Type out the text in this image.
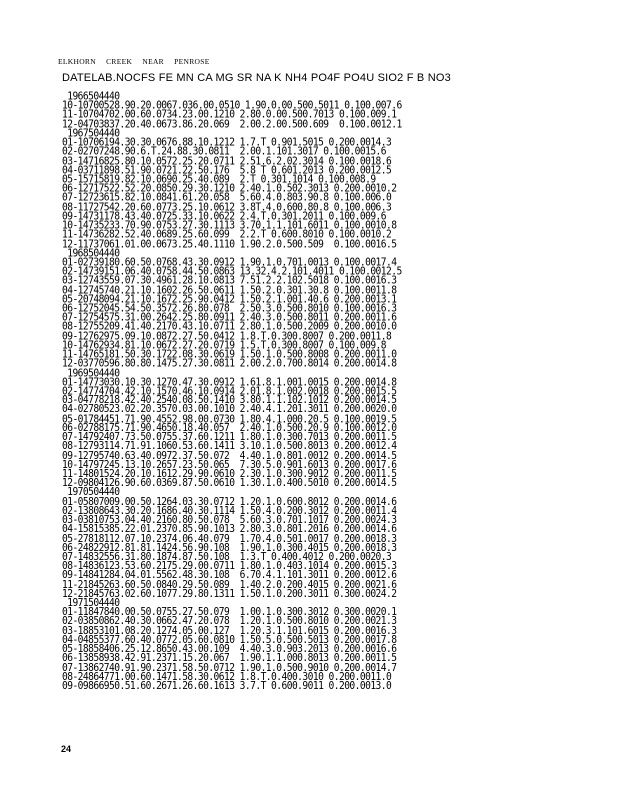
ELKHORN CREEK NEAR PENROSE
DATELAB.NOCFS FE MN CA MG SR NA K NH4 PO4F PO4U SIO2 F B NO3
1966504440
10-10700528.90.20.0067.036.00.0510 1.90.0.00.500.5011 0.100.007.6
11-10704702.00.60.0734.23.00.1210 2.80.0.00.500.7013 0.100.009.1
12-04703837.20.40.0673.86.20.069  2.00.2.00.500.609  0.100.0012.1
1967504440
01-10706194.30.30.0676.88.10.1212 1.7.T 0.901.5015 0.200.0014.3
02-02707248.90.6.T.24.88.30.0811  2.00.1.101.3017 0.100.0015.6
03-14716825.80.10.0572.25.20.0711 2.51.6.2.02.3014 0.100.0018.6
04-03711898.51.90.0721.22.50.176  5.8 T 0.601.2013 0.200.0012.5
05-15715819.82.10.0690.25.40.089  2.T 0.301.1014 0.100.008.9
06-12717522.52.20.0850.29.30.1210 2.40.1.0.502.3013 0.200.0010.2
07-12723615.82.10.0841.61.20.058  5.60.4.0.803.90.8 0.100.006.0
08-11727542.20.60.0773.25.10.0612 3.8T.4.0.600.80.8 0.100.006.3
09-14731178.43.40.0725.33.10.0622 2.4.T.0.301.2011 0.100.009.6
10-14735233.70.90.0753.27.30.1113 3.70.1.1.101.6011 0.100.0010.8
11-14736282.52.40.0689.25.60.099  2.2.T 0.600.8010 0.100.0010.2
12-11737061.01.00.0673.25.40.1110 1.90.2.0.500.509  0.100.0016.5
1968504440
01-02739180.60.50.0768.43.30.0912 1.90.1.0.701.0013 0.100.0017.4
02-14739151.06.40.0758.44.50.0863 13.32.4.2.101.4011 0.100.0012.5
03-12743559.07.30.4961.28.10.0813 7.51.2.2.102.5018 0.100.0016.3
04-12745740.21.10.1602.26.50.0611 1.50.2.0.301.30.8 0.100.0011.8
05-20748094.21.10.1672.25.90.0412 1.50.2.1.001.40.6 0.200.0013.1
06-12752045.54.50.3572.26.80.078  2.50.3.0.500.8010 0.100.0016.3
07-12754575.31.00.2642.25.80.0911 2.40.3.0.500.8011 0.200.0011.6
08-12755209.41.40.2170.43.10.0711 2.80.1.0.500.2009 0.200.0010.0
09-12762975.09.10.0872.27.50.0412 1.8.T.0.300.8007 0.200.0011.8
10-14762934.81.10.0672.27.20.0719 1.5.T.0.300.8007 0.100.009.8
11-14765181.50.30.1722.08.30.0619 1.50.1.0.500.8008 0.200.0011.0
12-03770596.80.80.1475.27.30.0811 2.00.2.0.700.8014 0.200.0014.8
1969504440
01-14773030.10.30.1270.47.30.0912 1.61.8.1.001.0015 0.200.0014.8
02-14774704.42.10.1570.46.10.0914 2.01.8.1.002.0018 0.200.0015.5
03-04778218.42.40.2540.08.50.1410 3.80.1.1.102.1012 0.200.0014.5
04-02780523.02.20.3570.03.00.1010 2.40.4.1.201.3011 0.200.0020.0
05-01784451.71.90.4552.98.00.0730 1.80.4.1.000.20.5 0.100.0019.5
06-02788175.71.90.4650.18.40.057  2.40.1.0.500.20.9 0.100.0012.0
07-14792407.73.50.0755.37.60.1211 1.80.1.0.300.7013 0.200.0011.5
08-12793114.71.91.1060.53.60.1411 3.10.1.0.500.8013 0.200.0012.4
09-12795740.63.40.0972.37.50.072  4.40.1.0.801.0012 0.200.0014.5
10-14797245.13.10.2657.23.50.065  7.30.5.0.901.6013 0.200.0017.6
11-14801524.20.10.1612.29.90.0610 2.30.1.0.300.9012 0.200.0011.5
12-09804126.90.60.0369.87.50.0610 1.30.1.0.400.5010 0.200.0014.5
1970504440
01-05807009.00.50.1264.03.30.0712 1.20.1.0.600.8012 0.200.0014.6
02-13808643.30.20.1686.40.30.1114 1.50.4.0.200.3012 0.200.0011.4
03-03810753.04.40.2160.80.50.078  5.60.3.0.701.1017 0.200.0024.3
04-15815385.22.01.2370.85.90.1013 2.80.3.0.801.2016 0.200.0014.6
05-27818112.07.10.2374.06.40.079  1.70.4.0.501.0017 0.200.0018.3
06-24822912.81.81.1424.56.90.108  1.90.1.0.300.4015 0.200.0018.3
07-14832556.31.80.1874.87.50.108  1.3.T 0.400.4012 0.200.0020.3
08-14836123.53.60.2175.29.00.0711 1.80.1.0.403.1014 0.200.0015.3
09-14841284.04.01.5562.48.30.108  6.70.4.1.101.3011 0.200.0012.6
11-21845263.60.50.0840.29.50.089  1.40.2.0.200.4015 0.200.0021.6
12-21845763.02.60.1077.29.80.1311 1.50.1.0.200.3011 0.300.0024.2
1971504440
01-11847840.00.50.0755.27.50.079  1.00.1.0.300.3012 0.300.0020.1
02-03850862.40.30.0662.47.20.078  1.20.1.0.500.8010 0.200.0021.3
03-18853101.08.20.1274.05.00.127  1.20.3.1.101.6015 0.200.0016.3
04-04855377.60.40.0772.05.60.0810 1.50.5.0.500.5013 0.200.0017.8
05-18858406.25.12.8650.43.00.109  4.40.3.0.903.2013 0.200.0016.6
06-13858938.42.91.2371.15.20.067  1.90.1.1.000.8013 0.200.0011.5
07-13862740.91.90.2371.58.50.0712 1.90.1.0.500.9010 0.200.0014.7
08-24864771.00.60.1471.58.30.0612 1.8.T.0.400.3010 0.200.0011.0
09-09866950.51.60.2671.26.60.1613 3.7.T 0.600.9011 0.200.0013.0
24
